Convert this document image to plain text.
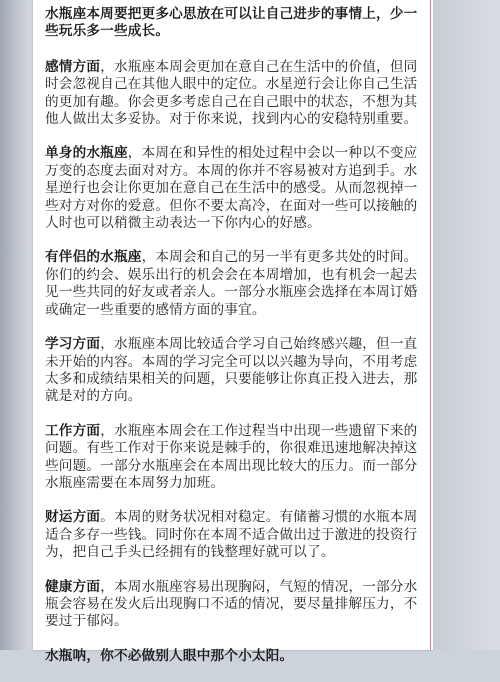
水瓶座本周要把更多心思放在可以让自己进步的事情上，少一些玩乐多一些成长。

感情方面，水瓶座本周会更加在意自己在生活中的价值，但同时会忽视自己在其他人眼中的定位。水星逆行会让你自己生活的更加有趣。你会更多考虑自己在自己眼中的状态，不想为其他人做出太多妥协。对于你来说，找到内心的安稳特别重要。

单身的水瓶座，本周在和异性的相处过程中会以一种以不变应万变的态度去面对对方。本周的你并不容易被对方追到手。水星逆行也会让你更加在意自己在生活中的感受。从而忽视掉一些对方对你的爱意。但你不要太高冷，在面对一些可以接触的人时也可以稍微主动表达一下你内心的好感。

有伴侣的水瓶座，本周会和自己的另一半有更多共处的时间。你们的约会、娱乐出行的机会会在本周增加，也有机会一起去见一些共同的好友或者亲人。一部分水瓶座会选择在本周订婚或确定一些重要的感情方面的事宜。

学习方面，水瓶座本周比较适合学习自己始终感兴趣，但一直未开始的内容。本周的学习完全可以以兴趣为导向，不用考虑太多和成绩结果相关的问题，只要能够让你真正投入进去，那就是对的方向。

工作方面，水瓶座本周会在工作过程当中出现一些遗留下来的问题。有些工作对于你来说是棘手的，你很难迅速地解决掉这些问题。一部分水瓶座会在本周出现比较大的压力。而一部分水瓶座需要在本周努力加班。

财运方面。本周的财务状况相对稳定。有储蓄习惯的水瓶本周适合多存一些钱。同时你在本周不适合做出过于激进的投资行为，把自己手头已经拥有的钱整理好就可以了。

健康方面，本周水瓶座容易出现胸闷，气短的情况，一部分水瓶会容易在发火后出现胸口不适的情况，要尽量排解压力，不要过于郁闷。

水瓶呐，你不必做别人眼中那个小太阳。
